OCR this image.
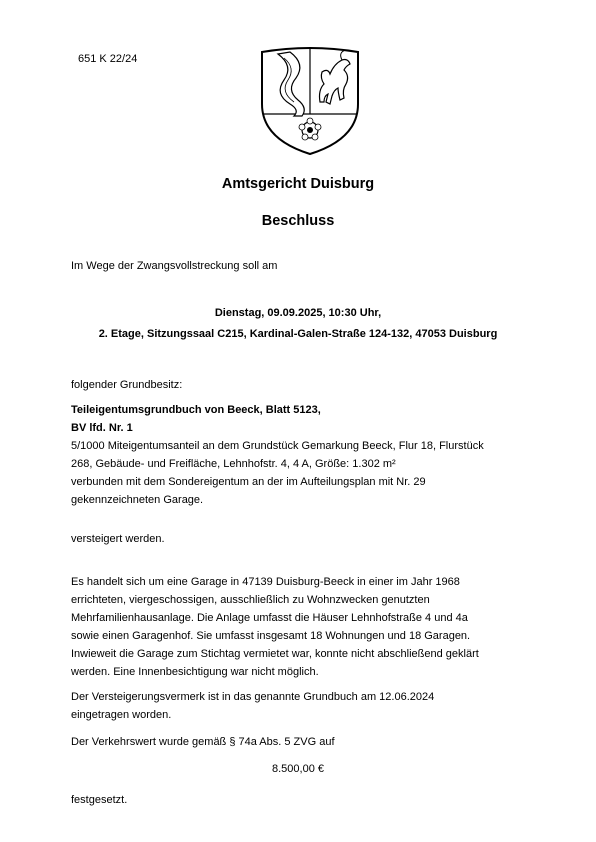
651 K 22/24

Amtsgericht Duisburg
Beschluss

Im Wege der Zwangsvollstreckung soll am

Dienstag, 09.09.2025, 10:30 Uhr,

2. Etage, Sitzungssaal C215, Kardinal-Galen-Straße 124-132, 47053 Duisburg

folgender Grundbesitz:

Teileigentumsgrundbuch von Beeck, Blatt 5123,
BV lfd. Nr. 1
5/1000 Miteigentumsanteil an dem Grundstück Gemarkung Beeck, Flur 18, Flurstück
268, Gebäude- und Freifläche, Lehnhofstr. 4, 4 A, Größe: 1.302 m²
verbunden mit dem Sondereigentum an der im Aufteilungsplan mit Nr. 29
gekennzeichneten Garage.

versteigert werden.

Es handelt sich um eine Garage in 47139 Duisburg-Beeck in einer im Jahr 1968
errichteten, viergeschossigen, ausschließlich zu Wohnzwecken genutzten
Mehrfamilienhausanlage. Die Anlage umfasst die Häuser Lehnhofstraße 4 und 4a
sowie einen Garagenhof. Sie umfasst insgesamt 18 Wohnungen und 18 Garagen.
Inwieweit die Garage zum Stichtag vermietet war, konnte nicht abschließend geklärt
werden. Eine Innenbesichtigung war nicht möglich.
Der Versteigerungsvermerk ist in das genannte Grundbuch am 12.06.2024
eingetragen worden.

Der Verkehrswert wurde gemäß § 74a Abs. 5 ZVG auf

8.500,00 €

festgesetzt.
